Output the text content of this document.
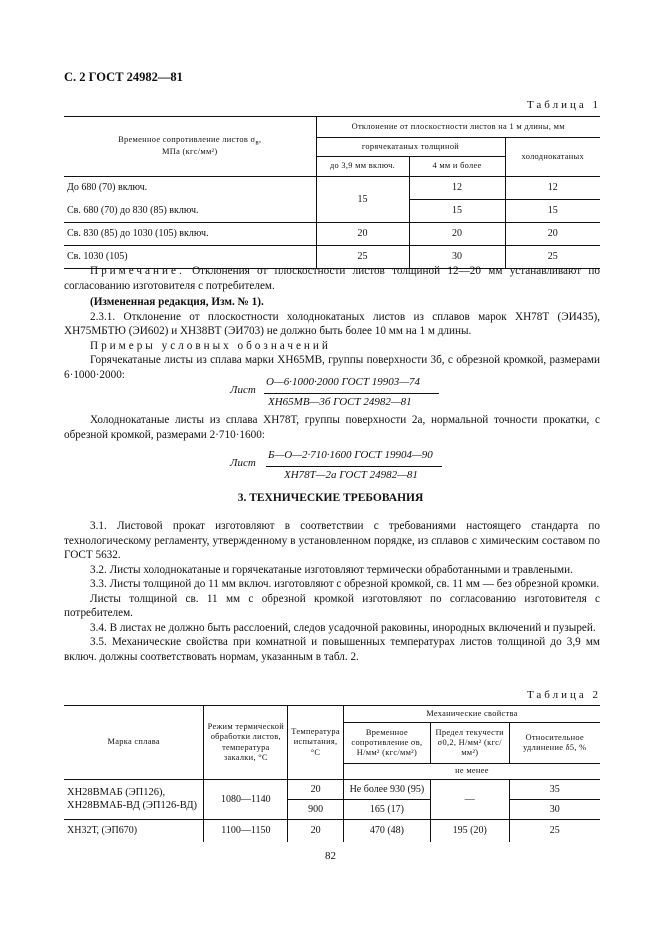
С. 2 ГОСТ 24982—81
Таблица 1
Временное сопротивление листов $\sigma_в$,
МПа (кгс/мм²)	Отклонение от плоскостности листов на 1 м длины, мм		
	горячекатаных толщиной		холоднокатаных
	до 3,9 мм включ.	4 мм и более	
До 680 (70) включ.	15	12	12
Св. 680 (70) до 830 (85) включ.		15	15
Св. 830 (85) до 1030 (105) включ.	20	20	20
Св. 1030 (105)	25	30	25

Примечание. Отклонения от плоскостности листов толщиной 12—20 мм устанавливают по согласованию изготовителя с потребителем.

(Измененная редакция, Изм. № 1).

2.3.1. Отклонение от плоскостности холоднокатаных листов из сплавов марок ХН78Т (ЭИ435), ХН75МБТЮ (ЭИ602) и ХН38ВТ (ЭИ703) не должно быть более 10 мм на 1 м длины.

Примеры условных обозначений

Горячекатаные листы из сплава марки ХН65МВ, группы поверхности 3б, с обрезной кромкой, размерами 6·1000·2000:

Лист
О—6·1000·2000 ГОСТ 19903—74
ХН65МВ—3б ГОСТ 24982—81

Холоднокатаные листы из сплава ХН78Т, группы поверхности 2а, нормальной точности прокатки, с обрезной кромкой, размерами 2·710·1600:

Лист
Б—О—2·710·1600 ГОСТ 19904—90
ХН78Т—2а ГОСТ 24982—81
3. ТЕХНИЧЕСКИЕ ТРЕБОВАНИЯ

3.1. Листовой прокат изготовляют в соответствии с требованиями настоящего стандарта по технологическому регламенту, утвержденному в установленном порядке, из сплавов с химическим составом по ГОСТ 5632.

3.2. Листы холоднокатаные и горячекатаные изготовляют термически обработанными и травлеными.

3.3. Листы толщиной до 11 мм включ. изготовляют с обрезной кромкой, св. 11 мм — без обрезной кромки.

Листы толщиной св. 11 мм с обрезной кромкой изготовляют по согласованию изготовителя с потребителем.

3.4. В листах не должно быть расслоений, следов усадочной раковины, инородных включений и пузырей.

3.5. Механические свойства при комнатной и повышенных температурах листов толщиной до 3,9 мм включ. должны соответствовать нормам, указанным в табл. 2.

Таблица 2
Марка сплава	Режим термической обработки листов, температура закалки, °С	Температура испытания, °С	Механические свойства		
			Временное сопротивление σв, Н/мм² (кгс/мм²)	Предел текучести σ0,2, Н/мм² (кгс/мм²)	Относительное удлинение δ5, %
			не менее		
ХН28ВМАБ (ЭП126),
ХН28ВМАБ-ВД (ЭП126-ВД)	1080—1140	20	Не более 930 (95)	—	35
		900	165 (17)		30
ХН32Т, (ЭП670)	1100—1150	20	470 (48)	195 (20)	25
82
